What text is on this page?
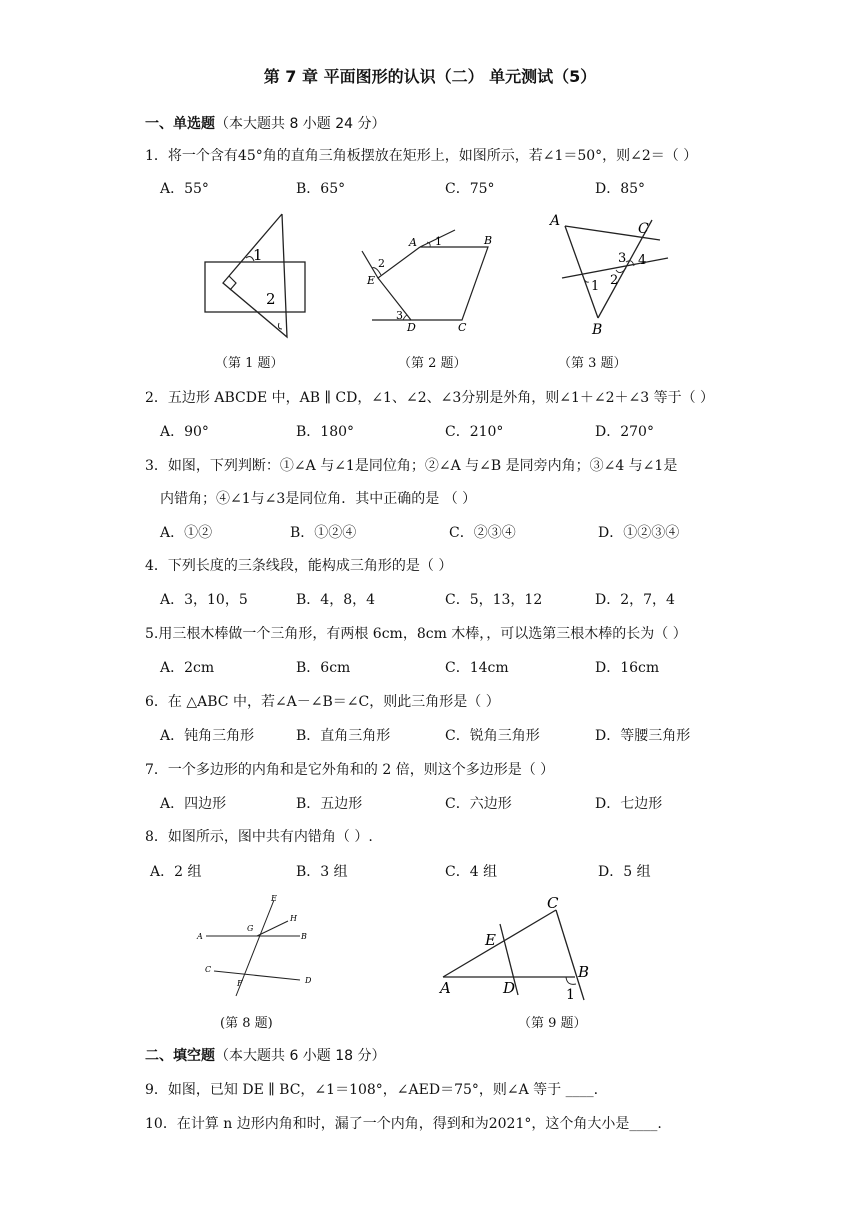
第 7 章 平面图形的认识（二） 单元测试（5）
一、单选题（本大题共 8 小题 24 分）
1．将一个含有45°角的直角三角板摆放在矩形上，如图所示，若∠1＝50°，则∠2＝（ ）
A．55°	B．65°	C．75°	D．85°
1
2
A 1	B
2
E
3
D	C
A	C
3 4
1 2
B
（第 1 题）	（第 2 题）	（第 3 题）
2．五边形 ABCDE 中，AB ∥ CD，∠1、∠2、∠3分别是外角，则∠1＋∠2＋∠3 等于（ ）
A．90°	B．180°	C．210°	D．270°
3．如图，下列判断：①∠A 与∠1是同位角；②∠A 与∠B 是同旁内角；③∠4 与∠1是
内错角；④∠1与∠3是同位角．其中正确的是 （ ）
A．①②	B．①②④	C．②③④	D．①②③④
4．下列长度的三条线段，能构成三角形的是（ ）
A．3，10，5	B．4，8，4	C．5，13，12	D．2，7，4
5.用三根木棒做一个三角形，有两根 6cm，8cm 木棒，，可以选第三根木棒的长为（ ）
A．2cm	B．6cm	C．14cm	D．16cm
6．在 △ABC 中，若∠A－∠B＝∠C，则此三角形是（ ）
A．钝角三角形	B．直角三角形	C．锐角三角形	D．等腰三角形
7．一个多边形的内角和是它外角和的 2 倍，则这个多边形是（ ）
A．四边形	B．五边形	C．六边形	D．七边形
8．如图所示，图中共有内错角（ ）.
A．2 组	B．3 组	C．4 组	D．5 组
E
H
A
G
B
C
F	D
C
E
B
A	D	1
(第 8 题)	（第 9 题）
二、填空题（本大题共 6 小题 18 分）
9．如图，已知 DE ∥ BC，∠1＝108°，∠AED＝75°，则∠A 等于 ____.
10．在计算 n 边形内角和时，漏了一个内角，得到和为2021°，这个角大小是____.
